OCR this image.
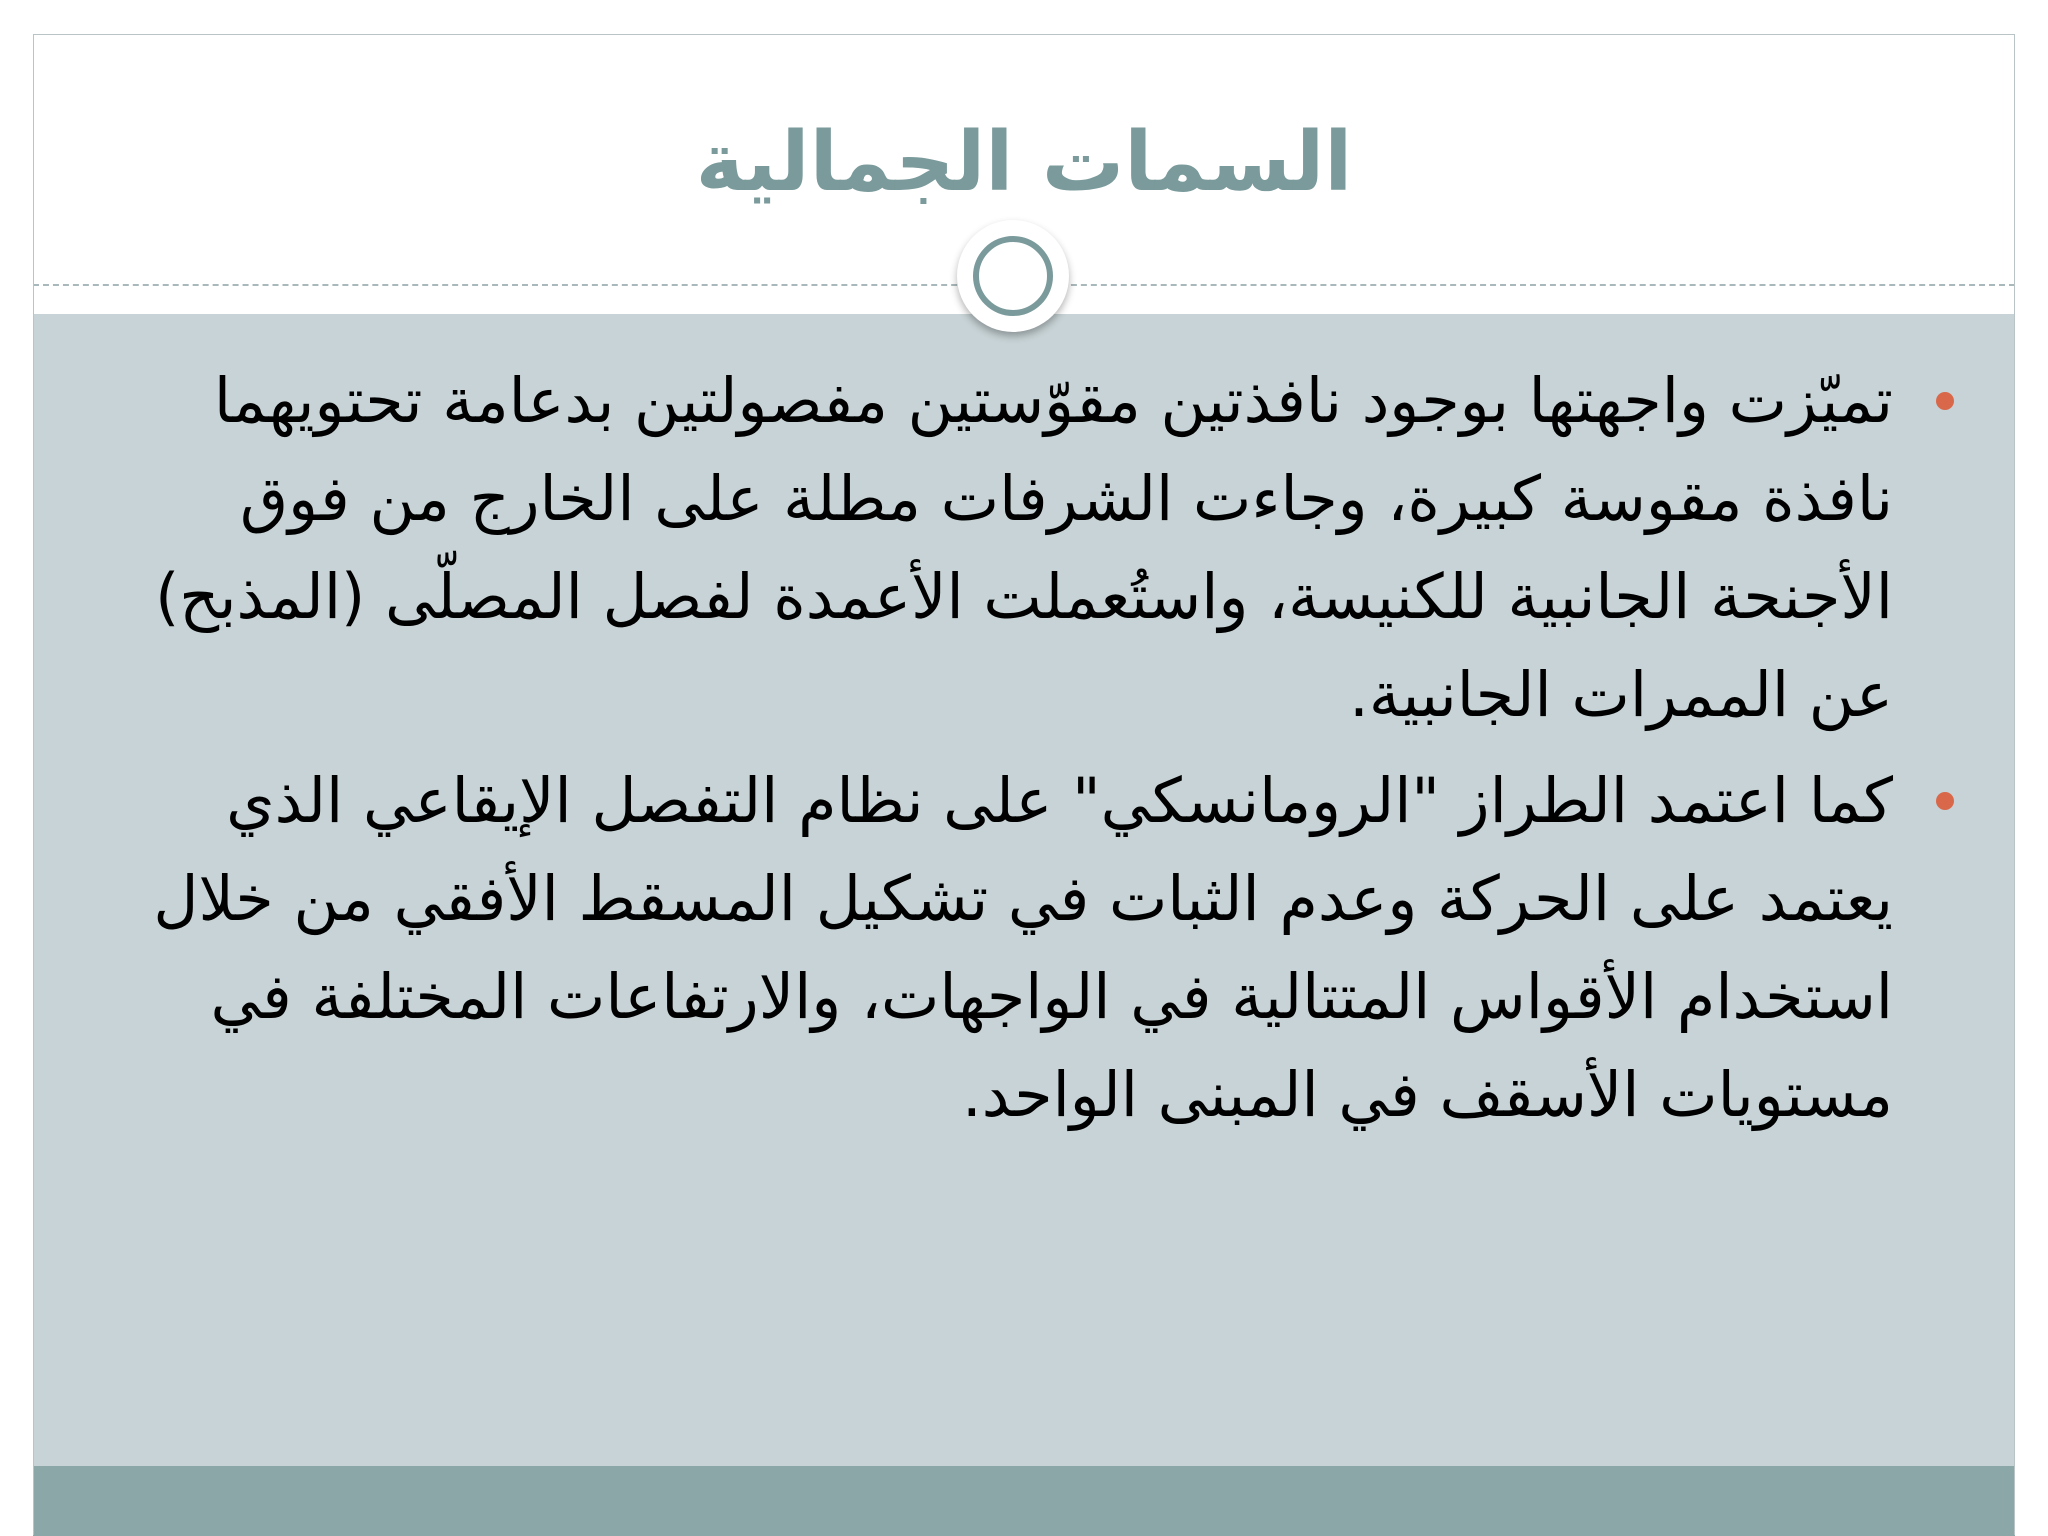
السمات الجمالية
تميّزت واجهتها بوجود نافذتين مقوّستين مفصولتين بدعامة تحتويهما نافذة مقوسة كبيرة، وجاءت الشرفات مطلة على الخارج من فوق الأجنحة الجانبية للكنيسة، واستُعملت الأعمدة لفصل المصلّى (المذبح) عن الممرات الجانبية.
كما اعتمد الطراز "الرومانسكي" على نظام التفصل الإيقاعي الذي يعتمد على الحركة وعدم الثبات في تشكيل المسقط الأفقي من خلال استخدام الأقواس المتتالية في الواجهات، والارتفاعات المختلفة في مستويات الأسقف في المبنى الواحد.
